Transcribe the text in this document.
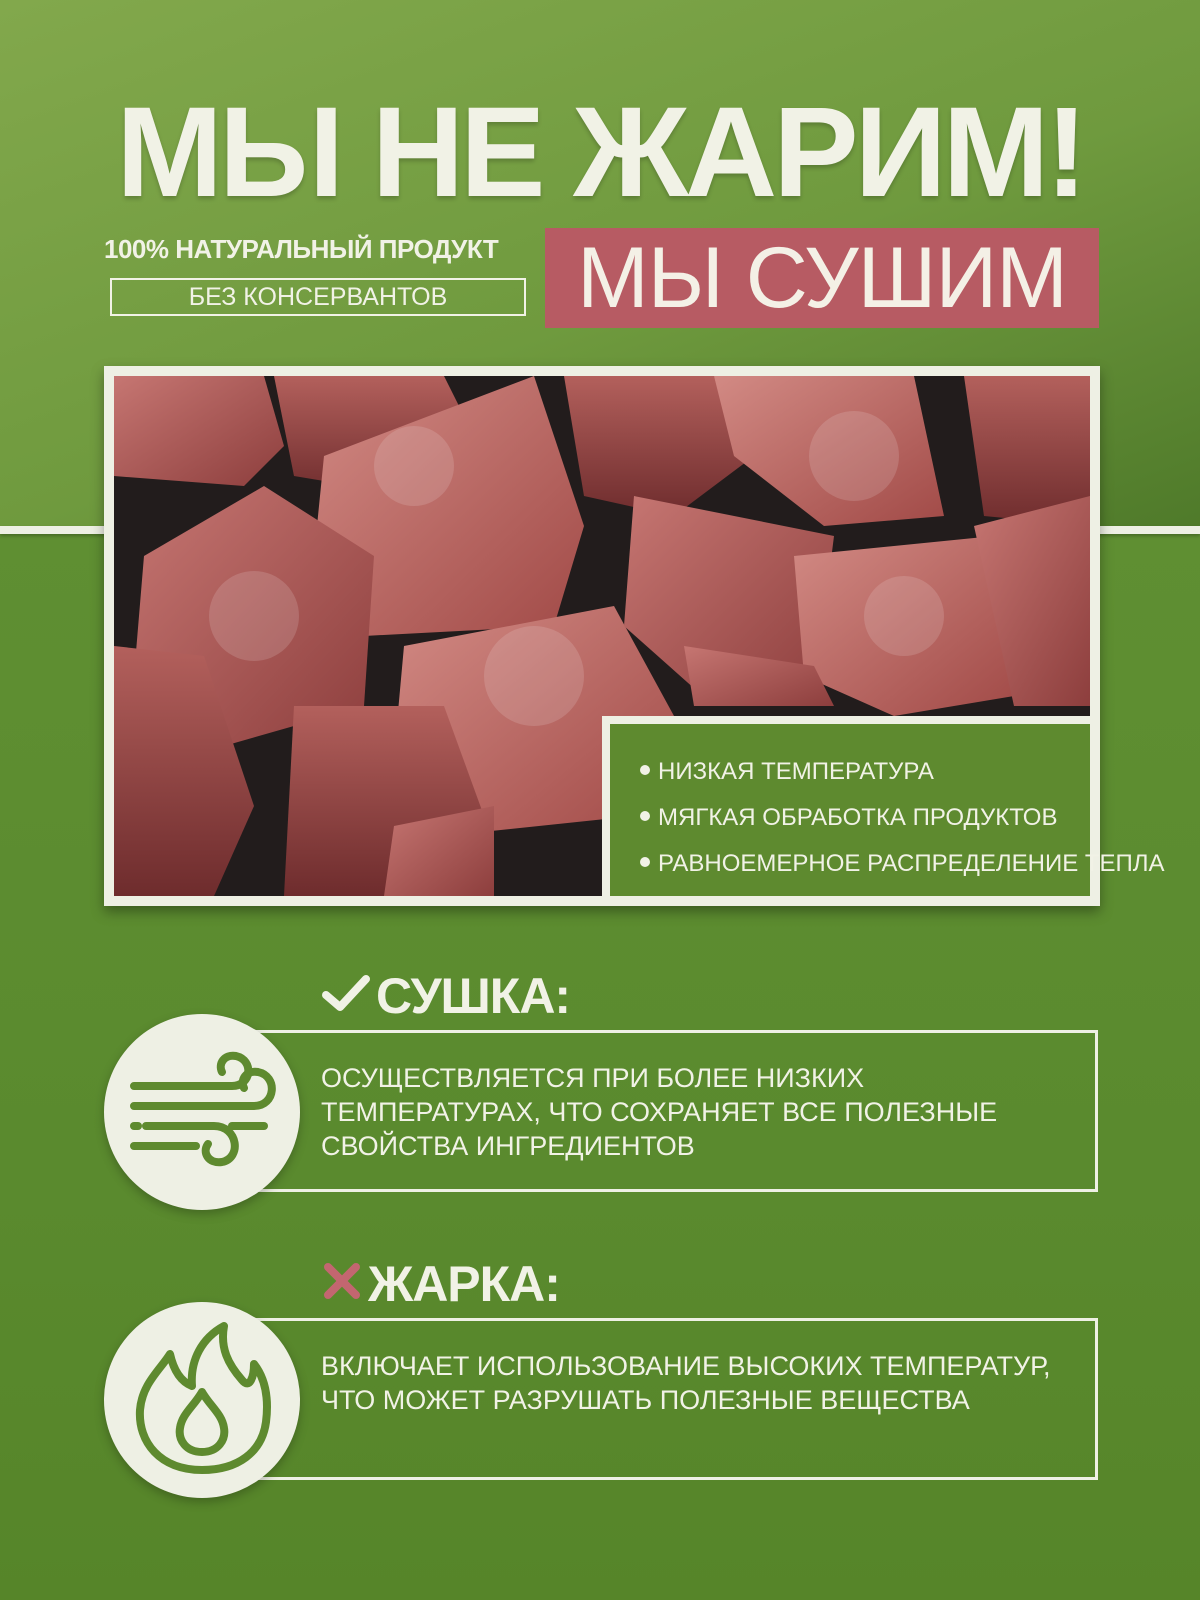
МЫ НЕ ЖАРИМ!
100% НАТУРАЛЬНЫЙ ПРОДУКТ
БЕЗ КОНСЕРВАНТОВ	МЫ СУШИМ
НИЗКАЯ ТЕМПЕРАТУРА
МЯГКАЯ ОБРАБОТКА ПРОДУКТОВ
РАВНОЕМЕРНОЕ РАСПРЕДЕЛЕНИЕ ТЕПЛА
СУШКА:
ОСУЩЕСТВЛЯЕТСЯ ПРИ БОЛЕЕ НИЗКИХ ТЕМПЕРАТУРАХ, ЧТО СОХРАНЯЕТ ВСЕ ПОЛЕЗНЫЕ СВОЙСТВА ИНГРЕДИЕНТОВ
ЖАРКА:
ВКЛЮЧАЕТ ИСПОЛЬЗОВАНИЕ ВЫСОКИХ ТЕМПЕРАТУР, ЧТО МОЖЕТ РАЗРУШАТЬ ПОЛЕЗНЫЕ ВЕЩЕСТВА
